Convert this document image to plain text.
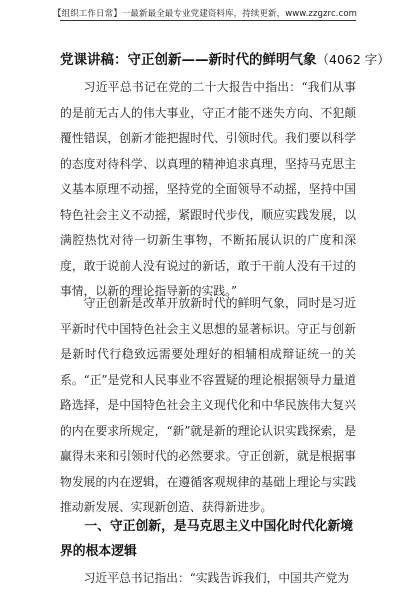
【组织工作日常】一最新最全最专业党建资料库，持续更新，www.zzgzrc.com
党课讲稿：守正创新——新时代的鲜明气象（4062 字）

习近平总书记在党的二十大报告中指出：“我们从事的是前无古人的伟大事业，守正才能不迷失方向、不犯颠覆性错误，创新才能把握时代、引领时代。我们要以科学的态度对待科学、以真理的精神追求真理，坚持马克思主义基本原理不动摇，坚持党的全面领导不动摇，坚持中国特色社会主义不动摇，紧跟时代步伐，顺应实践发展，以满腔热忱对待一切新生事物，不断拓展认识的广度和深度，敢于说前人没有说过的新话，敢于干前人没有干过的事情，以新的理论指导新的实践。”

守正创新是改革开放新时代的鲜明气象，同时是习近平新时代中国特色社会主义思想的显著标识。守正与创新是新时代行稳致远需要处理好的相辅相成辩证统一的关系。“正”是党和人民事业不容置疑的理论根据领导力量道路选择，是中国特色社会主义现代化和中华民族伟大复兴的内在要求所规定，“新”就是新的理论认识实践探索，是赢得未来和引领时代的必然要求。守正创新，就是根据事物发展的内在逻辑，在遵循客观规律的基础上理论与实践推动新发展、实现新创造、获得新进步。

一、守正创新，是马克思主义中国化时代化新境界的根本逻辑

习近平总书记指出：“实践告诉我们，中国共产党为
